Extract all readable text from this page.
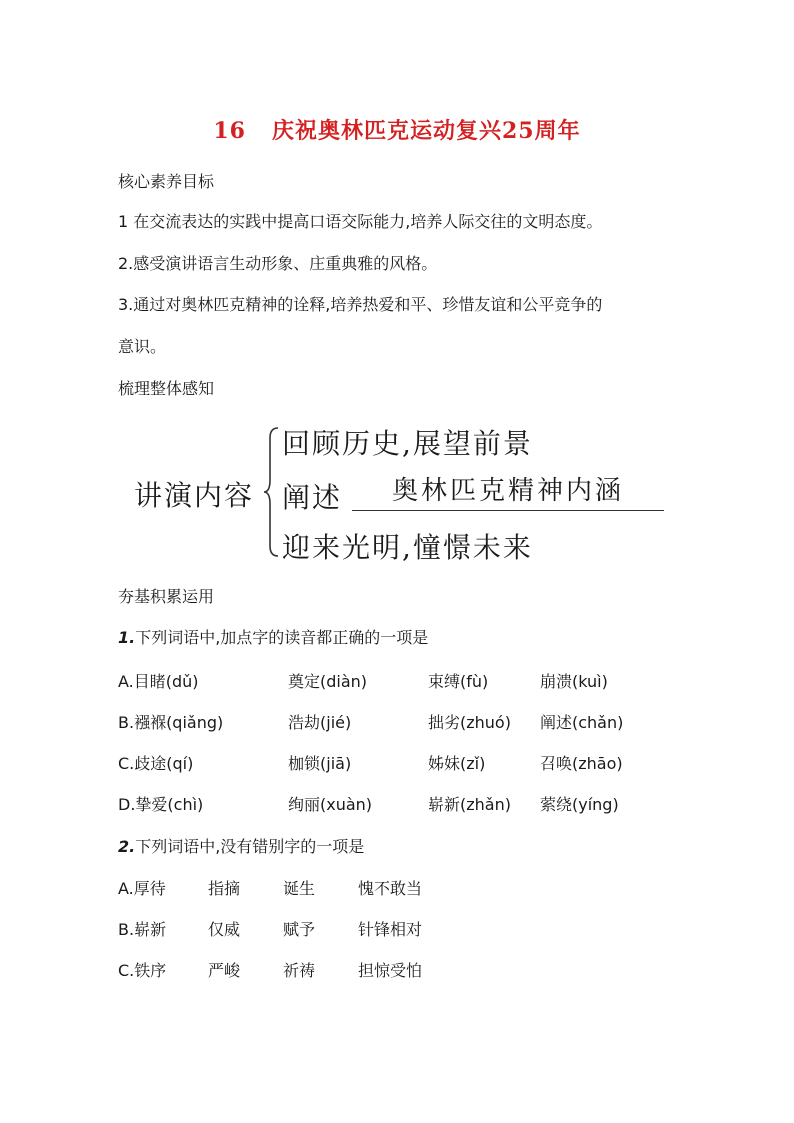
16 庆祝奥林匹克运动复兴25周年
核心素养目标
1 在交流表达的实践中提高口语交际能力,培养人际交往的文明态度。
2.感受演讲语言生动形象、庄重典雅的风格。
3.通过对奥林匹克精神的诠释,培养热爱和平、珍惜友谊和公平竞争的
意识。
梳理整体感知
讲演内容
回顾历史,展望前景
阐述	奥林匹克精神内涵
迎来光明,憧憬未来
夯基积累运用
1.下列词语中,加点字的读音都正确的一项是
A.目睹(dǔ)	奠定(diàn)	束缚(fù)	崩溃(kuì)
B.襁褓(qiǎng)	浩劫(jié)	拙劣(zhuó) 阐述(chǎn)
C.歧途(qí)	枷锁(jiā)	姊妹(zǐ)	召唤(zhāo)
D.挚爱(chì)	绚丽(xuàn)	崭新(zhǎn) 萦绕(yíng)
2.下列词语中,没有错别字的一项是
A.厚待	指摘	诞生	愧不敢当
B.崭新	仅威	赋予	针锋相对
C.铁序	严峻	祈祷	担惊受怕
